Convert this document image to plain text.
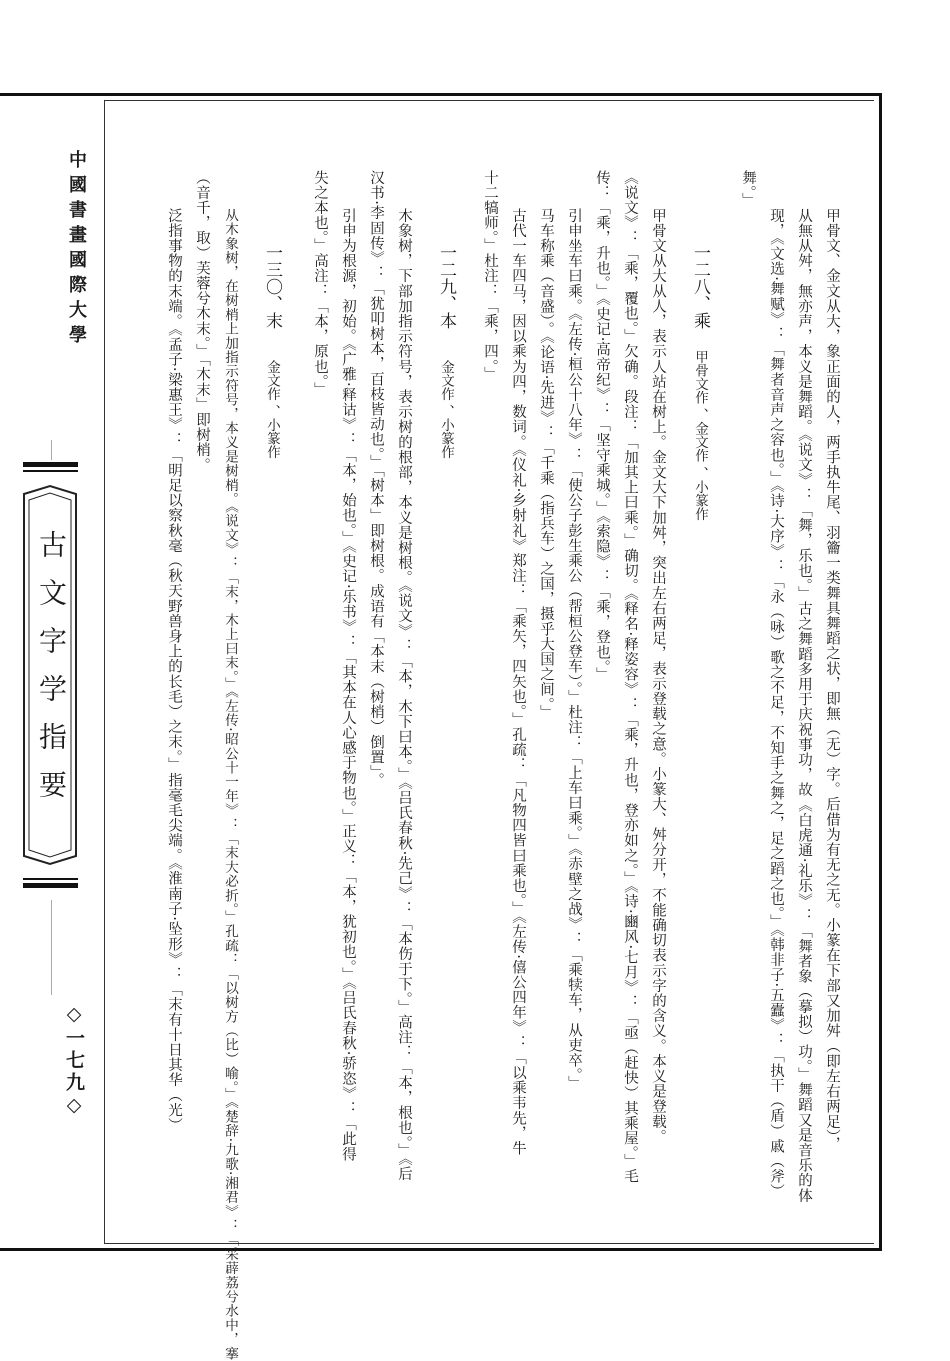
中國書畫國際大學
古文字学指要
◇一七九◇	甲骨文、金文从大，象正面的人，两手执牛尾、羽籥一类舞具舞蹈之状，即無（无）字。后借为有无之无。小篆在下部又加舛（即左右两足），
从無从舛，無亦声，本义是舞蹈。《说文》：「舞，乐也。」古之舞蹈多用于庆祝事功，故《白虎通·礼乐》：「舞者象（摹拟）功。」舞蹈又是音乐的体
现，《文选·舞赋》：「舞者音声之容也。」《诗·大序》：「永（咏）歌之不足，不知手之舞之，足之蹈之也。」《韩非子·五蠹》：「执干（盾）戚（斧）
舞。」
一二八、乘
甲骨文作 、金文作 、小篆作
甲骨文从大从人，表示人站在树上。金文大下加舛，突出左右两足，表示登载之意。小篆大、舛分开，不能确切表示字的含义。本义是登载。
《说文》：「乘，覆也。」欠确。段注：「加其上曰乘。」确切。《释名·释姿容》：「乘，升也，登亦如之。」《诗·豳风·七月》：「亟（赶快）其乘屋。」毛
传：「乘，升也。」《史记·高帝纪》：「坚守乘城。」《索隐》：「乘，登也。」
引申坐车曰乘。《左传·桓公十八年》：「使公子彭生乘公（帮桓公登车）。」杜注：「上车曰乘。」《赤壁之战》：「乘犊车，从吏卒。」
马车称乘（音盛）。《论语·先进》：「千乘（指兵车）之国，摄乎大国之间。」
古代一车四马，因以乘为四，数词。《仪礼·乡射礼》郑注：「乘矢，四矢也。」孔疏：「凡物四皆曰乘也。」《左传·僖公四年》：「以乘韦先，牛
十二犒师。」杜注：「乘，四。」
一二九、本
金文作 、小篆作
木象树，下部加指示符号，表示树的根部，本义是树根。《说文》：「本，木下曰本。」《吕氏春秋·先己》：「本伤于下。」高注：「本，根也。」《后
汉书·李固传》：「犹叩树本，百枝皆动也。」「树本」即树根。成语有「本末（树梢）倒置」。
引申为根源，初始。《广雅·释诂》：「本，始也。」《史记·乐书》：「其本在人心感于物也。」正义：「本，犹初也。」《吕氏春秋·骄恣》：「此得
失之本也。」高注：「本，原也。」
一三〇、末
金文作 、小篆作
从木象树，在树梢上加指示符号，本义是树梢。《说文》：「末，木上曰末。」《左传·昭公十一年》：「末大必折。」孔疏：「以树方（比）喻。」《楚辞·九歌·湘君》：「采薜荔兮水中，搴
（音千，取）芙蓉兮木末。」「木末」即树梢。
泛指事物的末端。《孟子·梁惠王》：「明足以察秋毫（秋天野兽身上的长毛）之末。」指毫毛尖端。《淮南子·坠形》：「末有十日其华（光）
